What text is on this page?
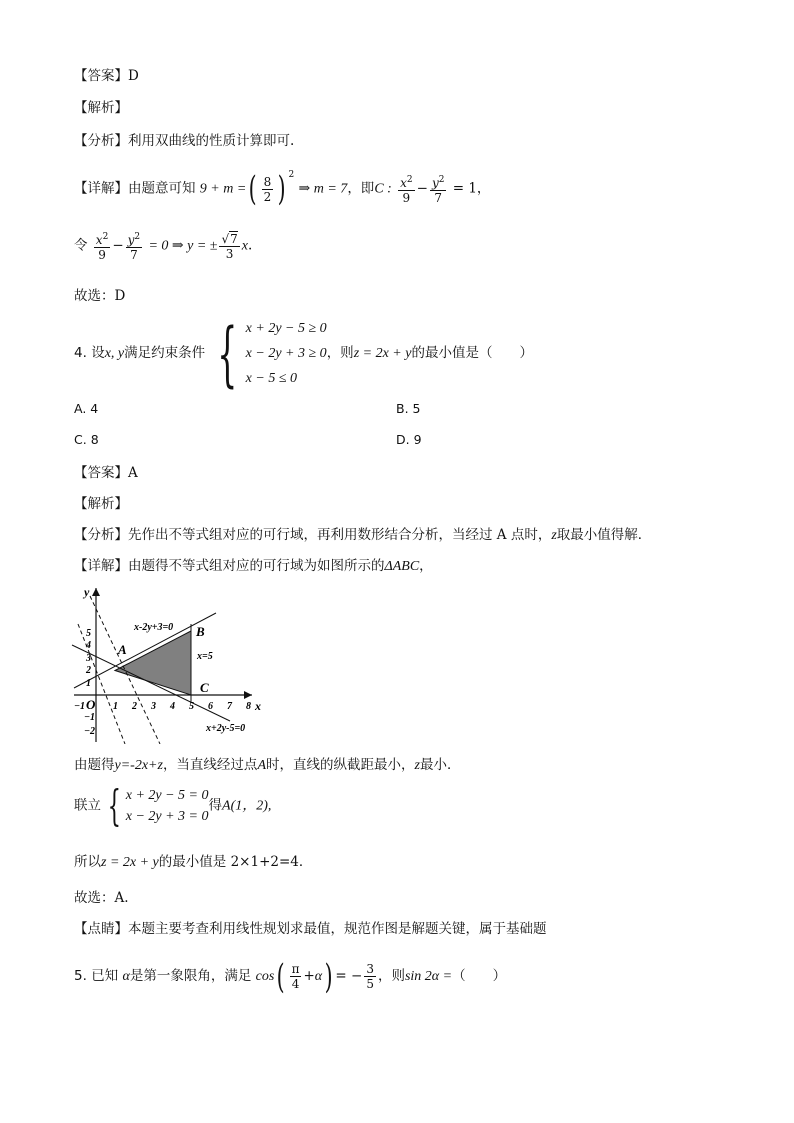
【答案】D
【解析】
【分析】利用双曲线的性质计算即可.
【详解】由题意可知 9 + m =( $\frac{8}{2}$ ) $^2$ ⇒ m = 7，即C : $\frac{x^2}{9} - \frac{y^2}{7} = 1$，
令 $\frac{x^2}{9} - \frac{y^2}{7} = 0$ ⇒ y = ± $\frac{√7}{3} x$.
故选：D
4. 设x, y满足约束条件 { x + 2y − 5 ≥ 0
x − 2y + 3 ≥ 0
x − 5 ≤ 0
，则z = 2x + y的最小值是（　　）
A. 4	B. 5
C. 8	D. 9
【答案】A
【解析】
【分析】先作出不等式组对应的可行域，再利用数形结合分析，当经过 A 点时，z取最小值得解．
【详解】由题得不等式组对应的可行域为如图所示的ΔABC，
y
x
O
−1	1 2 3 4 5 6 7 8
5
4
3
2
1
−1
−2
x-2y+3=0
x=5
x+2y-5=0
A
B
C
由题得y=-2x+z，当直线经过点A时，直线的纵截距最小，z最小．
联立 { x + 2y − 5 = 0
x − 2y + 3 = 0
得A(1，2),
所以z = 2x + y的最小值是 2×1+2=4．
故选：A.
【点睛】本题主要考查利用线性规划求最值，规范作图是解题关键，属于基础题
5. 已知 α是第一象限角，满足 $\cos( \frac{\pi}{4} +\alpha)$ = − $\frac{3}{5}$ ，则sin 2α =（　　）
